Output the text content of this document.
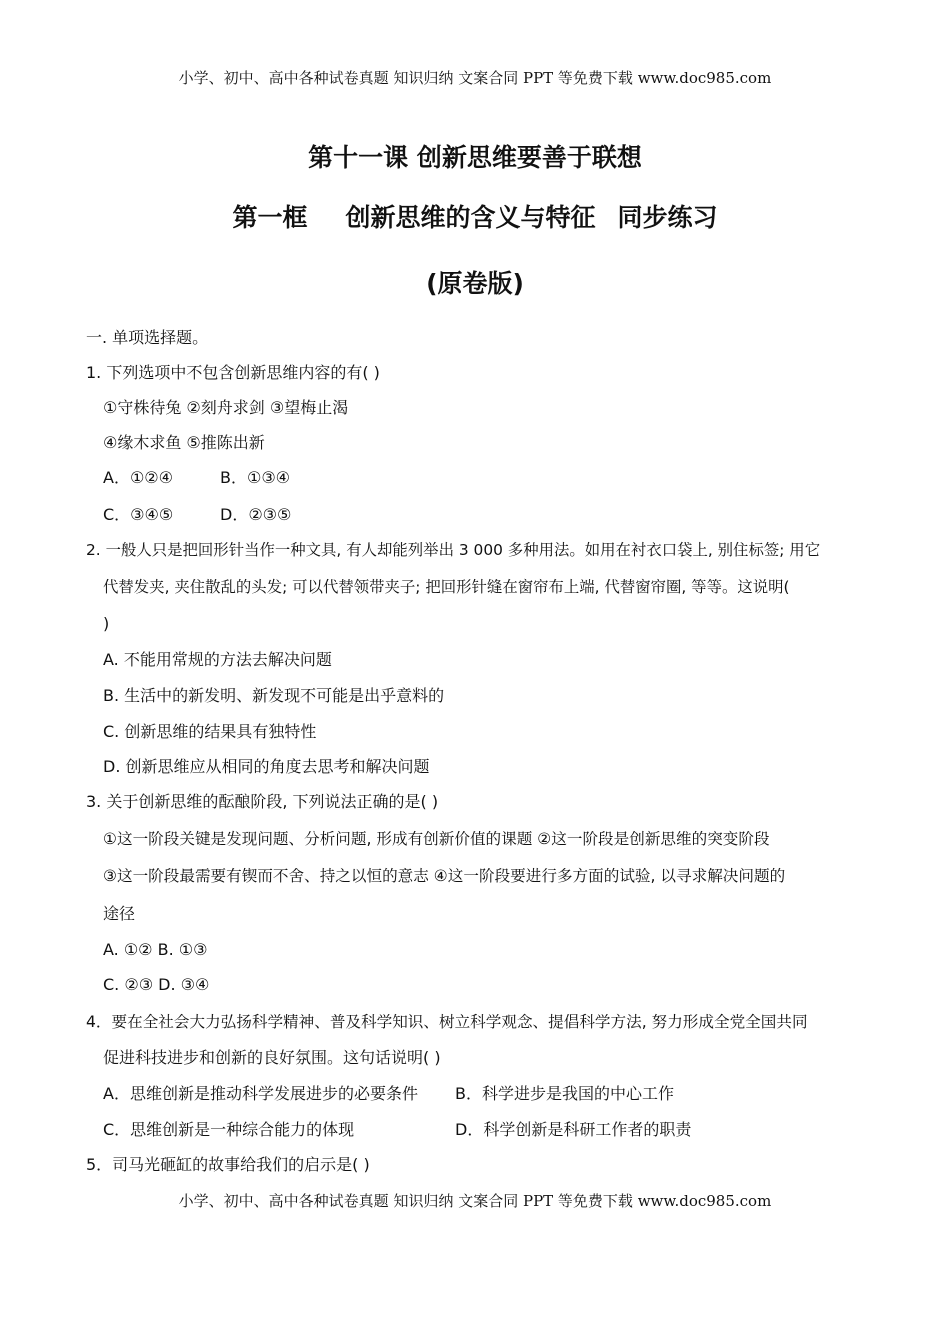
小学、初中、高中各种试卷真题 知识归纳 文案合同 PPT 等免费下载 www.doc985.com
第十一课 创新思维要善于联想
第一框 创新思维的含义与特征 同步练习
(原卷版)
一. 单项选择题。
1. 下列选项中不包含创新思维内容的有( )
①守株待兔 ②刻舟求剑 ③望梅止渴
④缘木求鱼 ⑤推陈出新
A．①②④	B．①③④
C．③④⑤	D．②③⑤
2. 一般人只是把回形针当作一种文具, 有人却能列举出 3 000 多种用法。如用在衬衣口袋上, 别住标签; 用它
代替发夹, 夹住散乱的头发; 可以代替领带夹子; 把回形针缝在窗帘布上端, 代替窗帘圈, 等等。这说明(
)
A. 不能用常规的方法去解决问题
B. 生活中的新发明、新发现不可能是出乎意料的
C. 创新思维的结果具有独特性
D. 创新思维应从相同的角度去思考和解决问题
3. 关于创新思维的酝酿阶段, 下列说法正确的是( )
①这一阶段关键是发现问题、分析问题, 形成有创新价值的课题 ②这一阶段是创新思维的突变阶段
③这一阶段最需要有锲而不舍、持之以恒的意志 ④这一阶段要进行多方面的试验, 以寻求解决问题的
途径
A. ①② B. ①③
C. ②③ D. ③④
4．要在全社会大力弘扬科学精神、普及科学知识、树立科学观念、提倡科学方法, 努力形成全党全国共同
促进科技进步和创新的良好氛围。这句话说明( )
A．思维创新是推动科学发展进步的必要条件 B．科学进步是我国的中心工作
C．思维创新是一种综合能力的体现	D．科学创新是科研工作者的职责
5．司马光砸缸的故事给我们的启示是( )
小学、初中、高中各种试卷真题 知识归纳 文案合同 PPT 等免费下载 www.doc985.com
